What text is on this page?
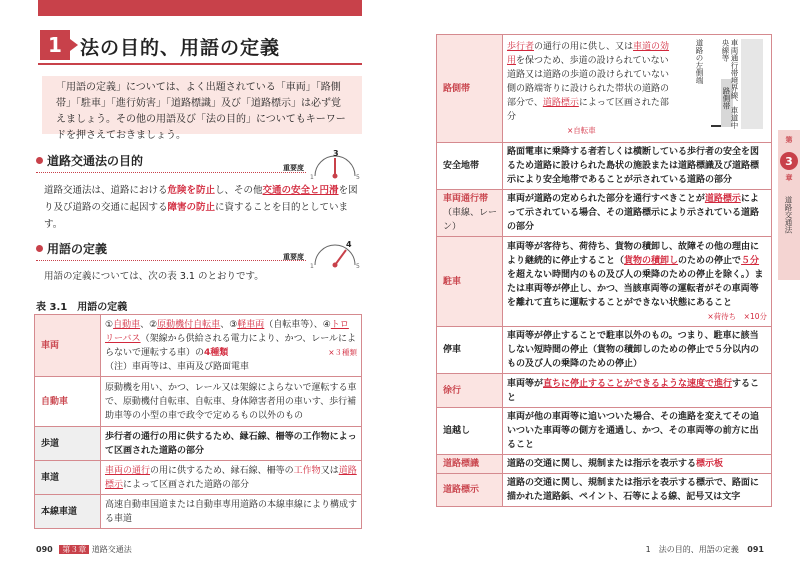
1 法の目的、用語の定義
「用語の定義」については、よく出題されている「車両」「路側帯」「駐車」「進行妨害」「道路標識」及び「道路標示」は必ず覚えましょう。その他の用語及び「法の目的」についてもキーワードを押さえておきましょう。
道路交通法の目的	重要度
3
1	5
道路交通法は、道路における危険を防止し、その他交通の安全と円滑を図り及び道路の交通に起因する障害の防止に資することを目的としています。
用語の定義
重要度
4
1	5
用語の定義については、次の表 3.1 のとおりです。
表 3.1　用語の定義
車両	①自動車、②原動機付自転車、③軽車両（自転車等）、④トロリーバス（架線から供給される電力により、かつ、レールによらないで運転する車）の4種類 ×３種類

（注）車両等は、車両及び路面電車
自動車	原動機を用い、かつ、レール又は架線によらないで運転する車で、原動機付自転車、自転車、身体障害者用の車いす、歩行補助車等の小型の車で政令で定めるもの以外のもの
歩道	歩行者の通行の用に供するため、縁石線、柵等の工作物によって区画された道路の部分
車道	車両の通行の用に供するため、縁石線、柵等の工作物又は道路標示によって区画された道路の部分
本線車道	高速自動車国道または自動車専用道路の本線車線により構成する車道
090 第３章 道路交通法
路側帯	歩行者の通行の用に供し、又は車道の効用を保つため、歩道の設けられていない道路又は道路の歩道の設けられていない側の路端寄りに設けられた帯状の道路の部分で、道路標示によって区画された部分
×自転車
車両通行帯境界線、車道中央線等
道路の左側端
路側帯

安全地帯	路面電車に乗降する者若しくは横断している歩行者の安全を図るため道路に設けられた島状の施設または道路標識及び道路標示により安全地帯であることが示されている道路の部分
車両通行帯
（車線、レーン）	車両が道路の定められた部分を通行すべきことが道路標示によって示されている場合、その道路標示により示されている道路の部分
駐車	車両等が客待ち、荷待ち、貨物の積卸し、故障その他の理由により継続的に停止すること（貨物の積卸しのための停止で５分を超えない時間内のもの及び人の乗降のための停止を除く。）または車両等が停止し、かつ、当該車両等の運転者がその車両等を離れて直ちに運転することができない状態にあること
×荷待ち　 ×10分

停車	車両等が停止することで駐車以外のもの。つまり、駐車に該当しない短時間の停止（貨物の積卸しのための停止で５分以内のもの及び人の乗降のための停止）
徐行	車両等が直ちに停止することができるような速度で進行すること
追越し	車両が他の車両等に追いついた場合、その進路を変えてその追いついた車両等の側方を通過し、かつ、その車両等の前方に出ること
道路標識	道路の交通に関し、規制または指示を表示する標示板
道路標示	道路の交通に関し、規制または指示を表示する標示で、路面に描かれた道路鋲、ペイント、石等による線、記号又は文字
第
3
章
道路交通法
1　法の目的、用語の定義 091
